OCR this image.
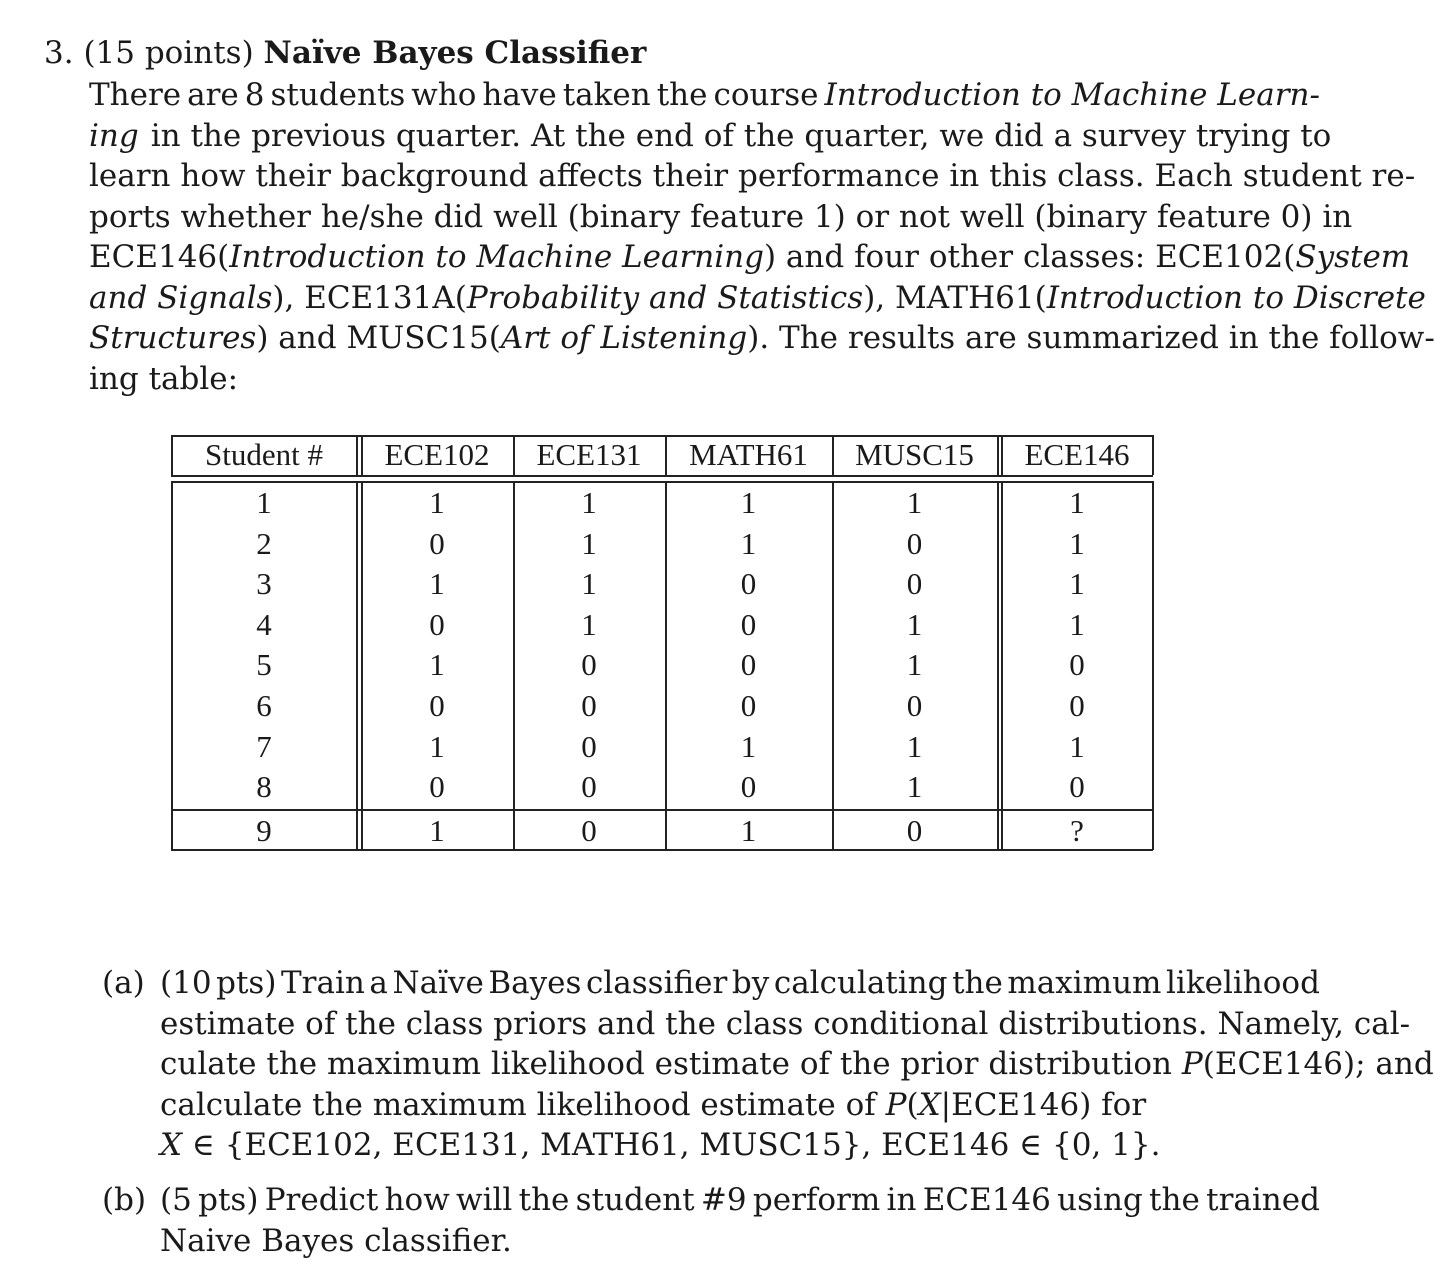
3. (15 points) Naïve Bayes Classifier
There are 8 students who have taken the course Introduction to Machine Learn-
ing in the previous quarter. At the end of the quarter, we did a survey trying to
learn how their background affects their performance in this class. Each student re-
ports whether he/she did well (binary feature 1) or not well (binary feature 0) in
ECE146(Introduction to Machine Learning) and four other classes: ECE102(System
and Signals), ECE131A(Probability and Statistics), MATH61(Introduction to Discrete
Structures) and MUSC15(Art of Listening). The results are summarized in the follow-
ing table:
Student #	ECE102	ECE131	MATH61	MUSC15	ECE146
1	1	1	1	1	1
2	0	1	1	0	1
3	1	1	0	0	1
4	0	1	0	1	1
5	1	0	0	1	0
6	0	0	0	0	0
7	1	0	1	1	1
8	0	0	0	1	0
9	1	0	1	0	?
(a) (10 pts) Train a Naïve Bayes classifier by calculating the maximum likelihood
estimate of the class priors and the class conditional distributions. Namely, cal-
culate the maximum likelihood estimate of the prior distribution P(ECE146); and
calculate the maximum likelihood estimate of P(X|ECE146) for
X ∈ {ECE102, ECE131, MATH61, MUSC15}, ECE146 ∈ {0, 1}.
(b) (5 pts) Predict how will the student #9 perform in ECE146 using the trained
Naive Bayes classifier.
